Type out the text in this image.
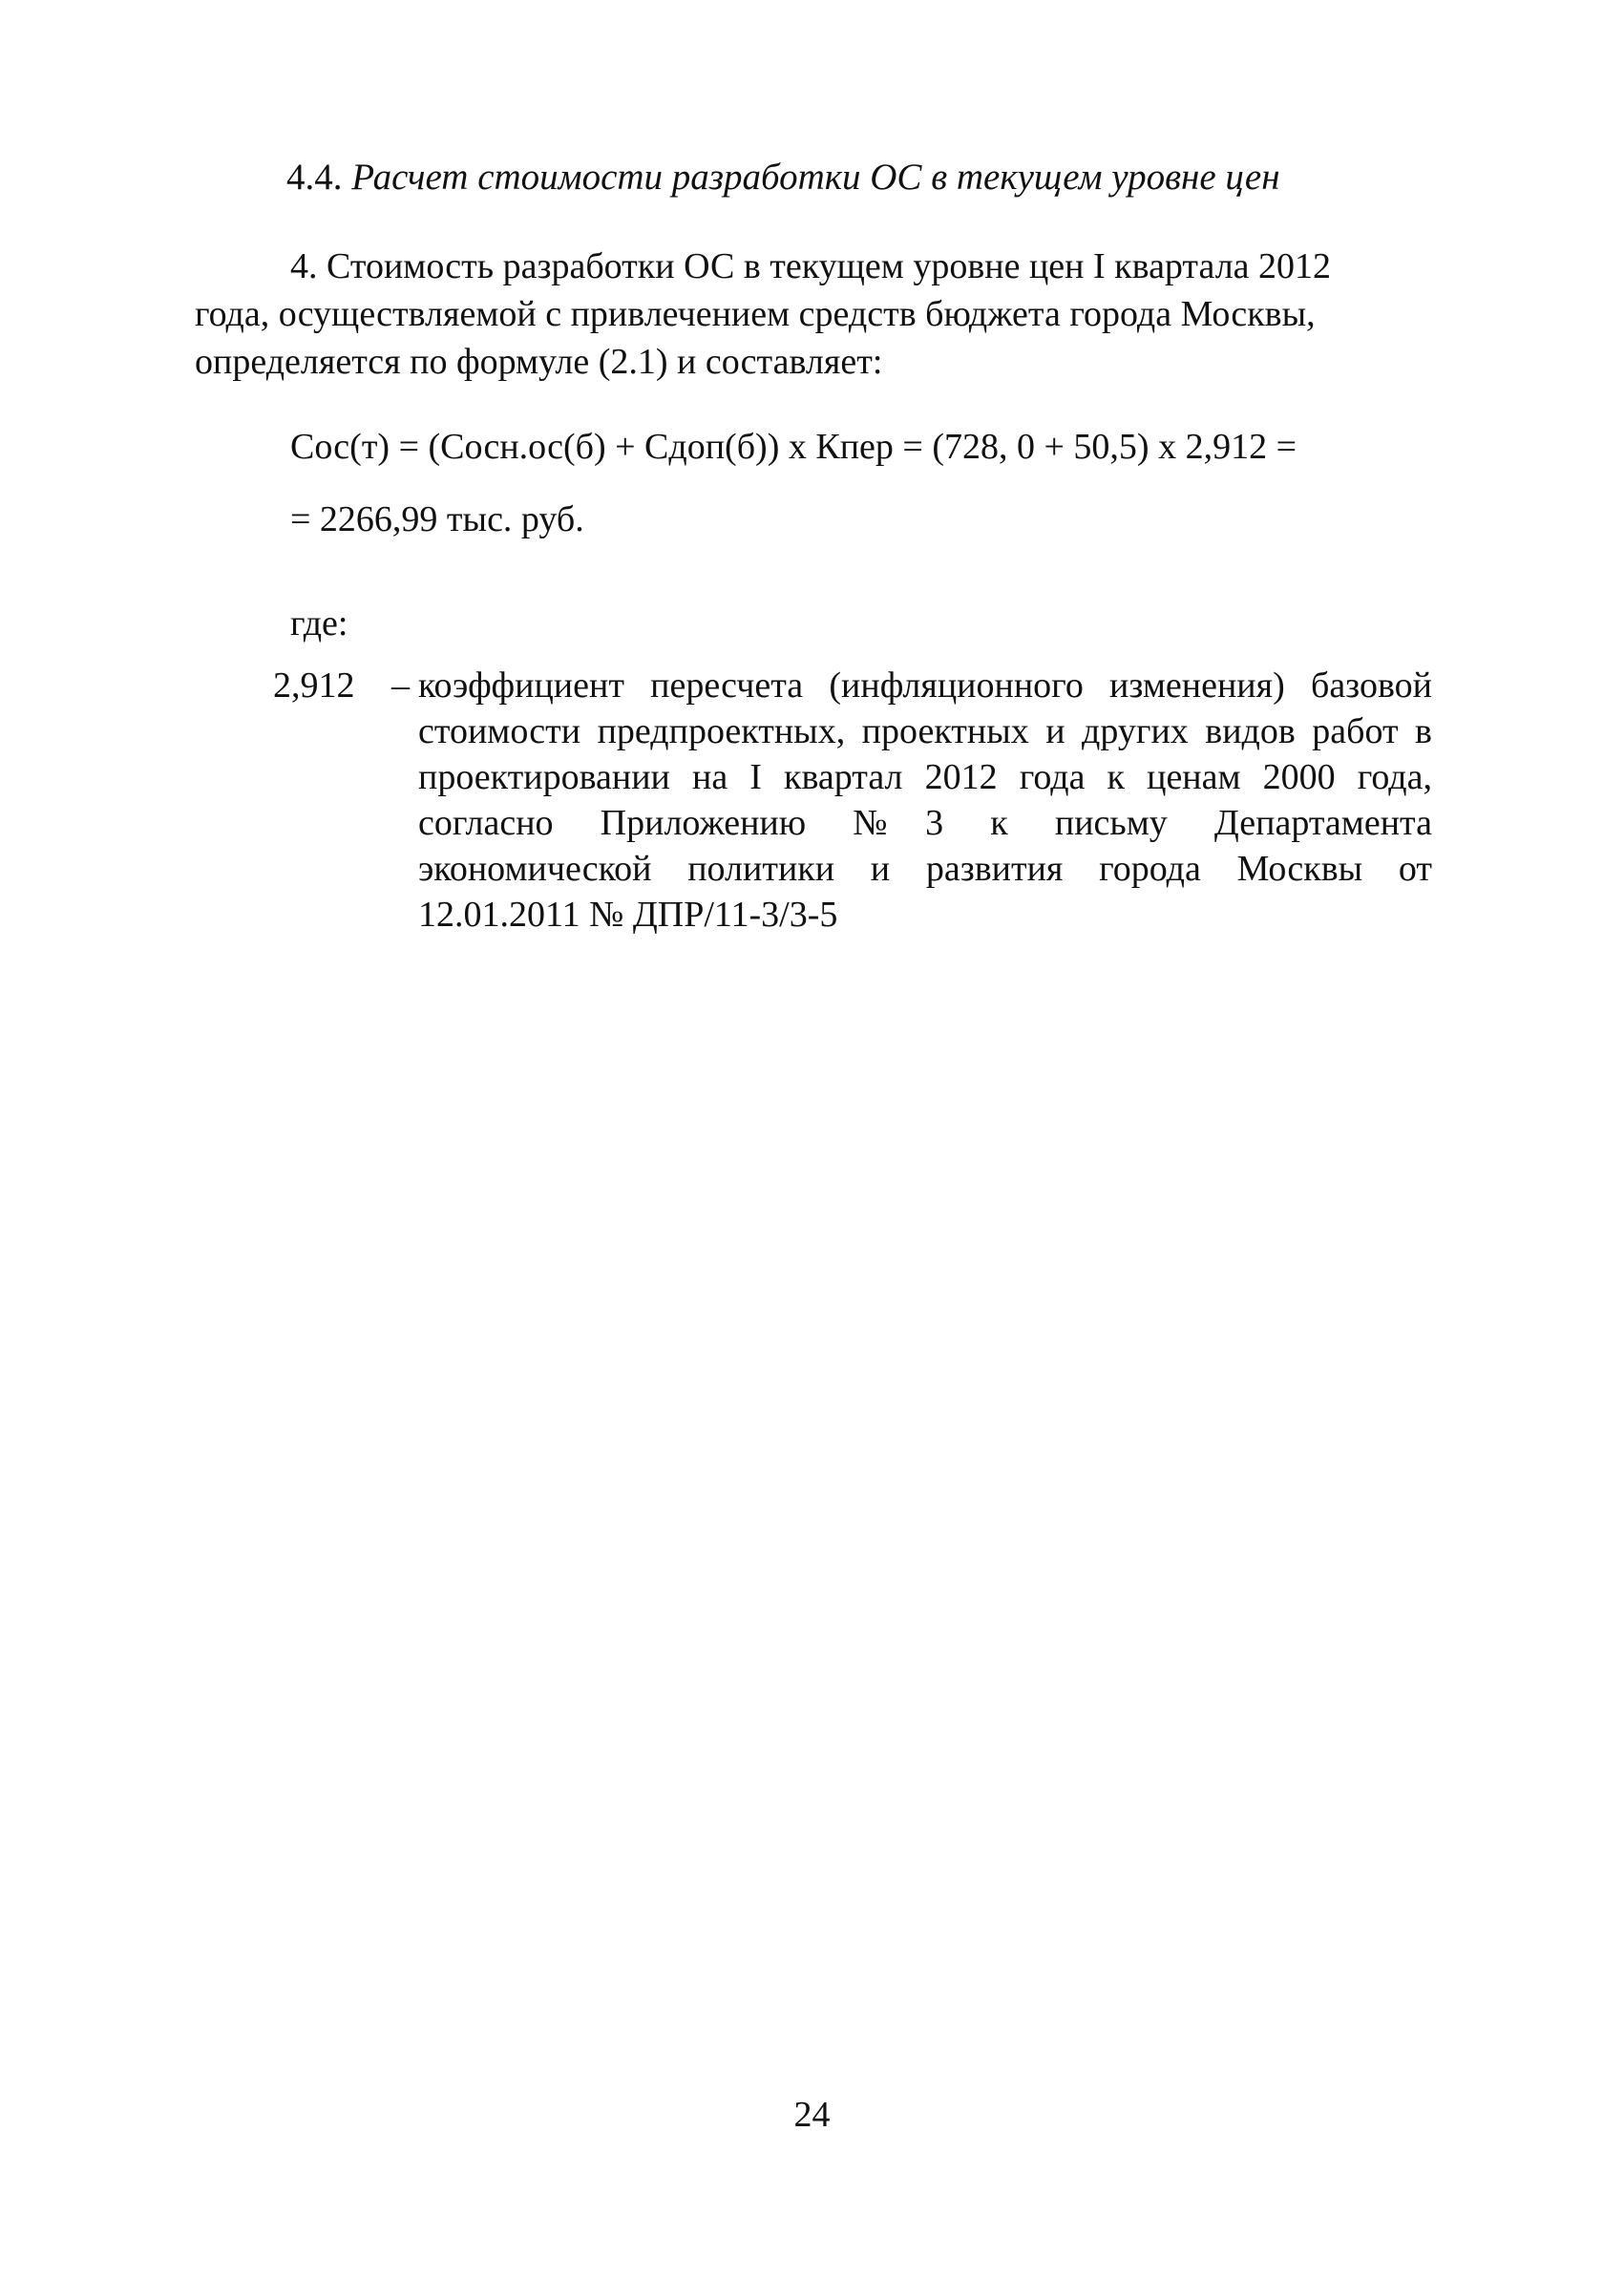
4.4. Расчет стоимости разработки ОС в текущем уровне цен
4. Стоимость разработки ОС в текущем уровне цен I квартала 2012
года, осуществляемой с привлечением средств бюджета города Москвы,
определяется по формуле (2.1) и составляет:
Сос(т) = (Сосн.ос(б) + Сдоп(б)) х Кпер = (728, 0 + 50,5) х 2,912 =
= 2266,99 тыс. руб.
где:
2,912 – коэффициент пересчета (инфляционного изменения) базовой
стоимости предпроектных, проектных и других видов работ в
проектировании на I квартал 2012 года к ценам 2000 года,
согласно Приложению №3 к письму Департамента
экономической политики и развития города Москвы от
12.01.2011 № ДПР/11-3/3-5
24
